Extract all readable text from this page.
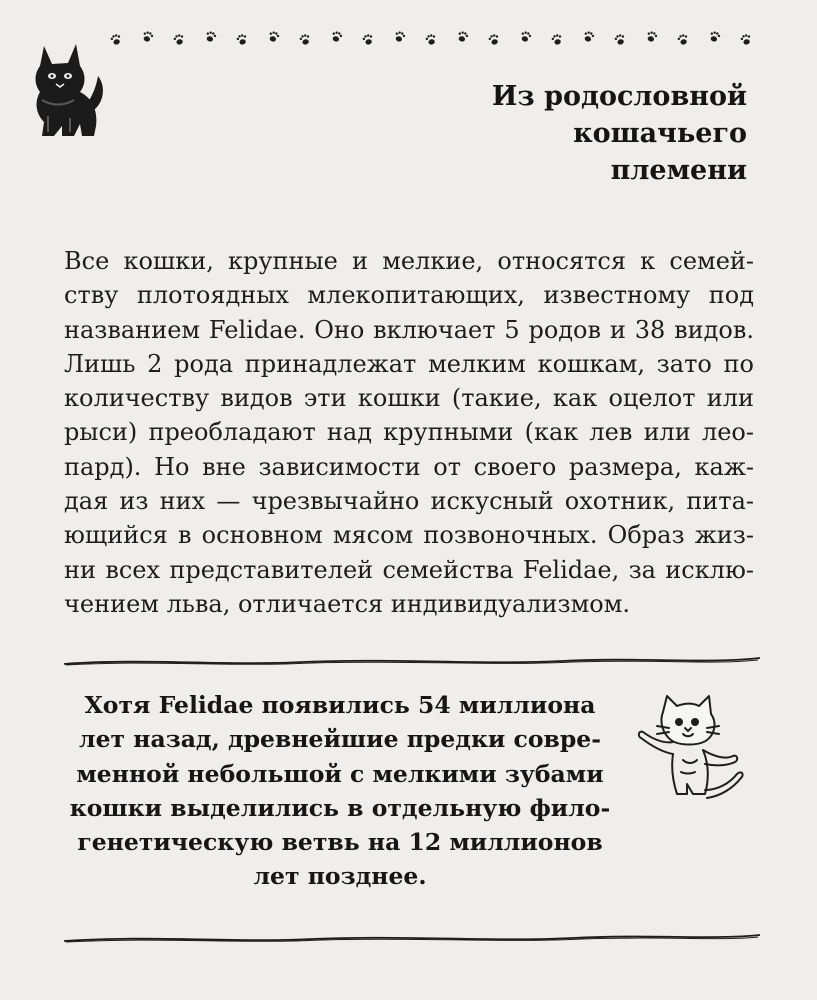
Из родословной
кошачьего
племени
Все кошки, крупные и мелкие, относятся к семей-
ству плотоядных млекопитающих, известному под
названием Felidae. Оно включает 5 родов и 38 видов.
Лишь 2 рода принадлежат мелким кошкам, зато по
количеству видов эти кошки (такие, как оцелот или
рыси) преобладают над крупными (как лев или лео-
пард). Но вне зависимости от своего размера, каж-
дая из них — чрезвычайно искусный охотник, пита-
ющийся в основном мясом позвоночных. Образ жиз-
ни всех представителей семейства Felidae, за исклю-
чением льва, отличается индивидуализмом.
Хотя Felidae появились 54 миллиона
лет назад, древнейшие предки совре-
менной небольшой с мелкими зубами
кошки выделились в отдельную фило-
генетическую ветвь на 12 миллионов
лет позднее.
